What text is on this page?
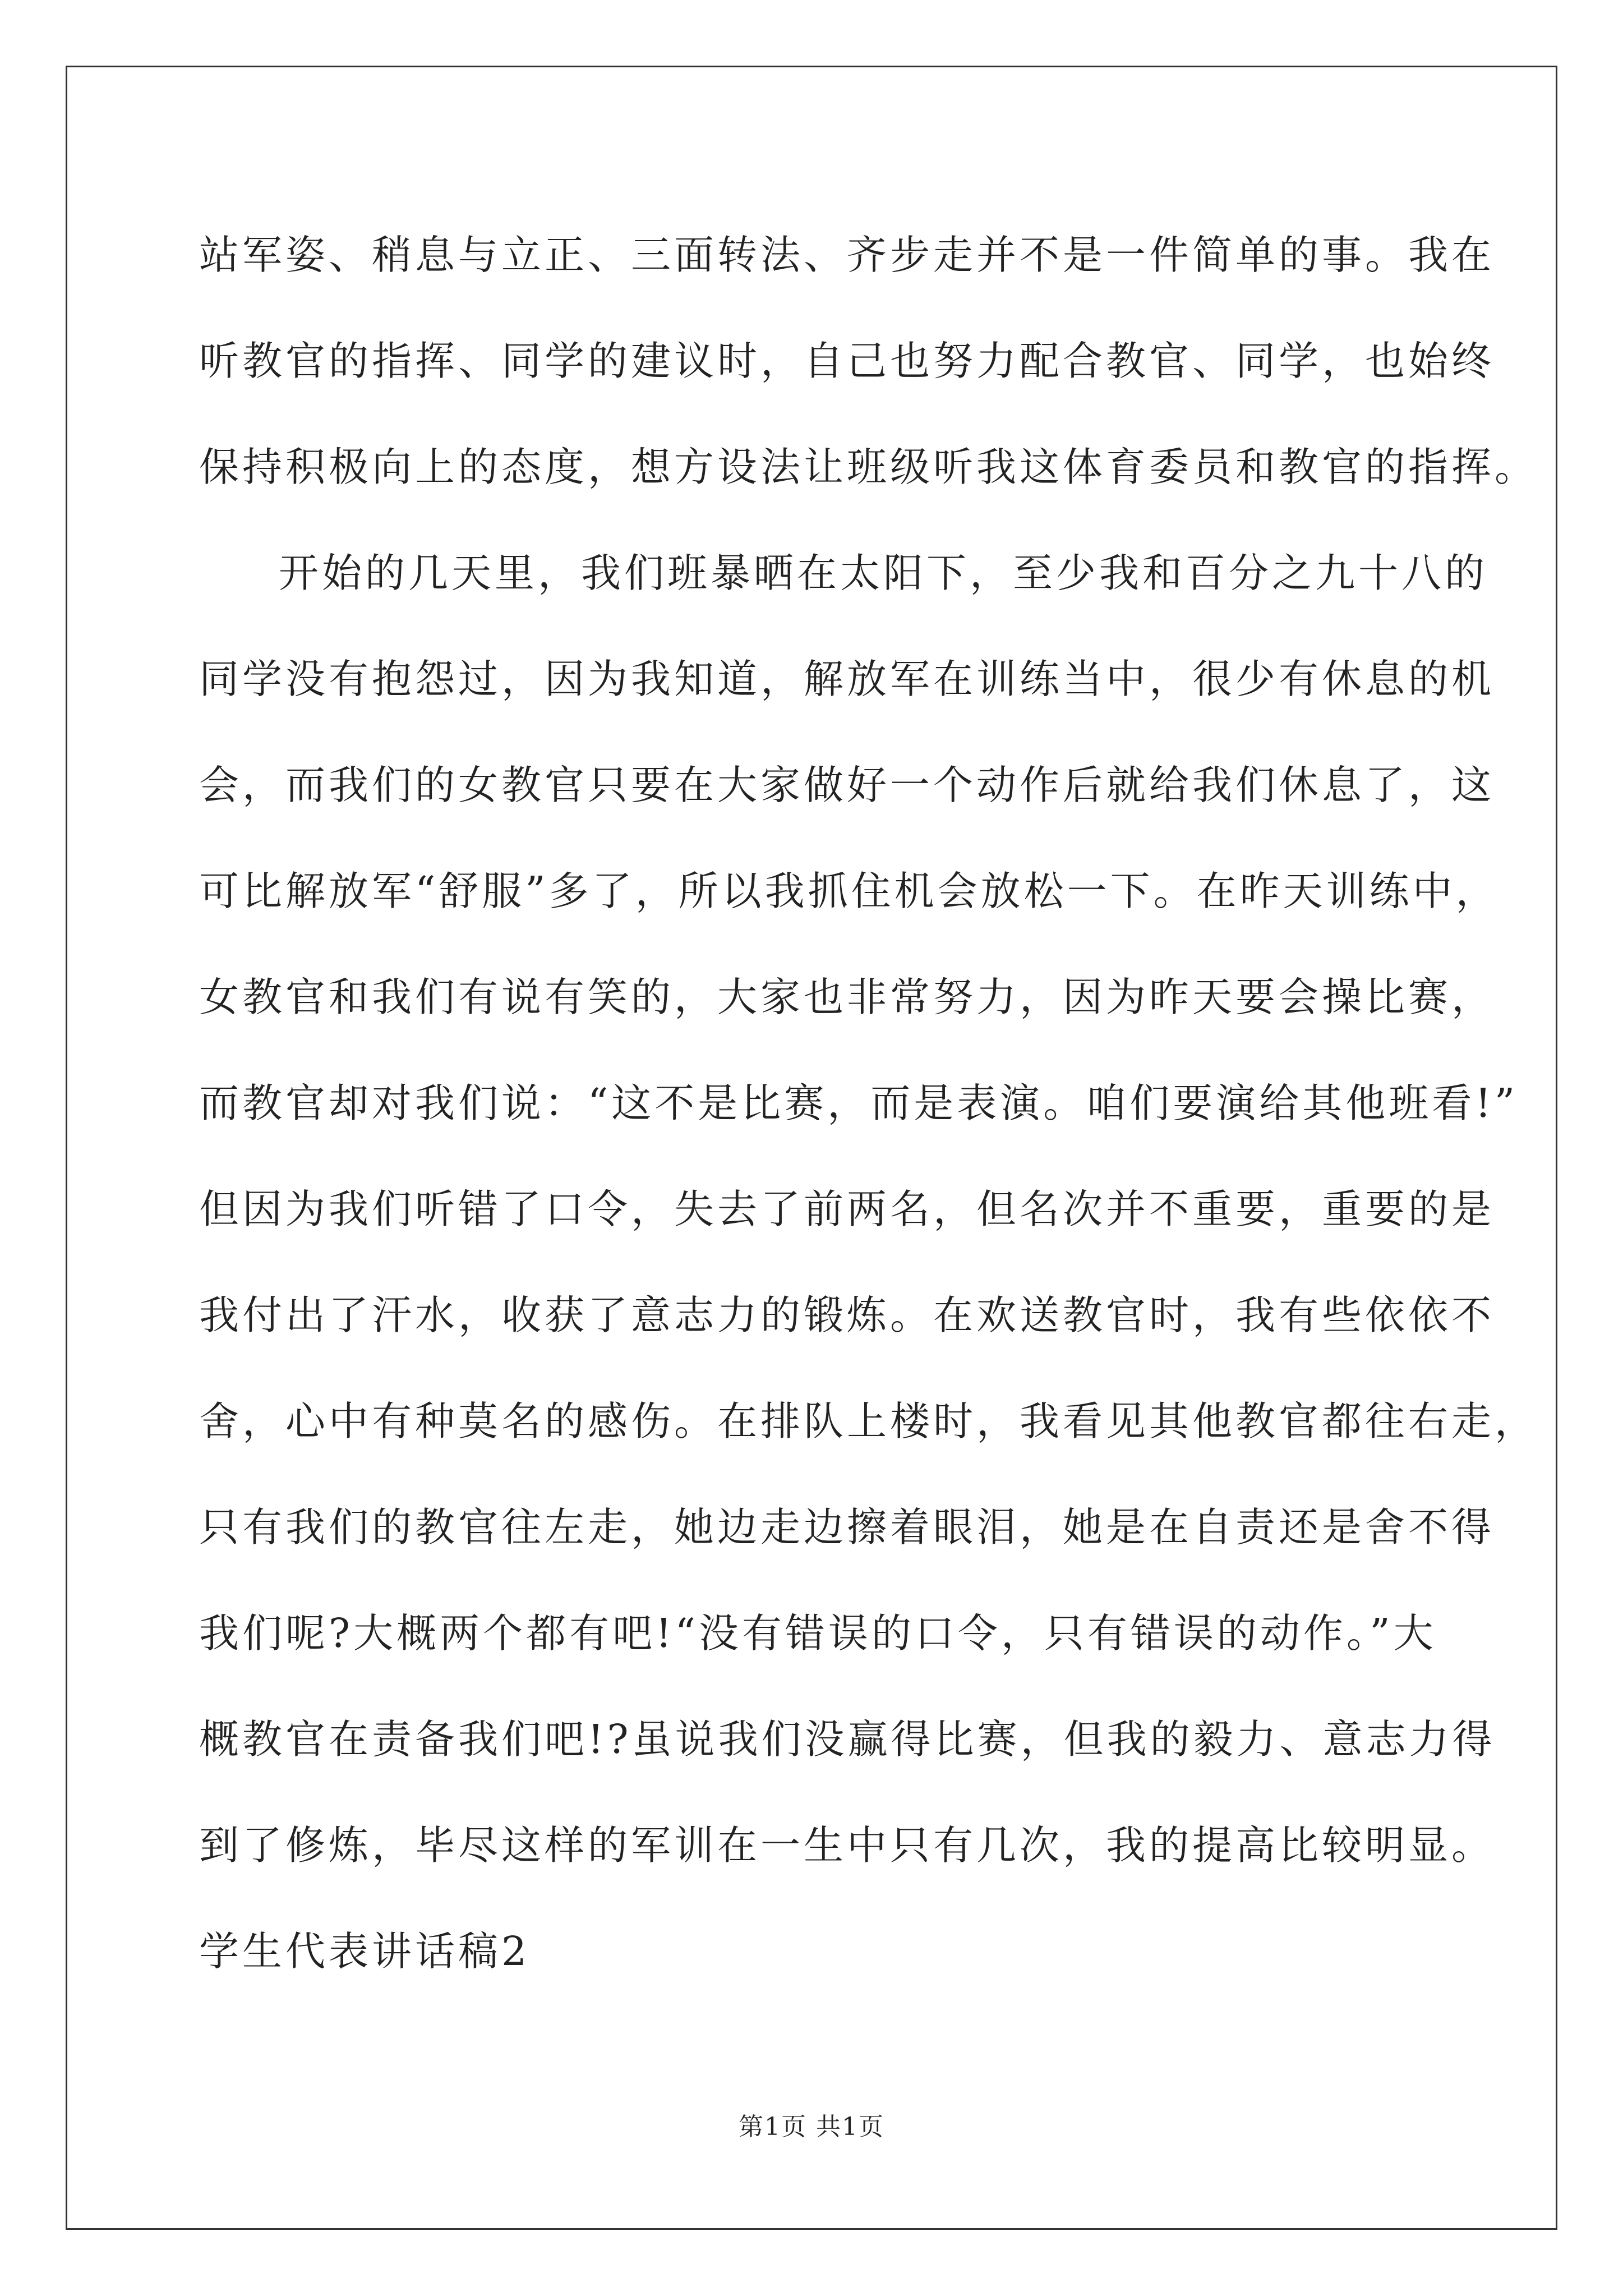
站军姿、稍息与立正、三面转法、齐步走并不是一件简单的事。我在
听教官的指挥、同学的建议时，自己也努力配合教官、同学，也始终
保持积极向上的态度，想方设法让班级听我这体育委员和教官的指挥。
开始的几天里，我们班暴晒在太阳下，至少我和百分之九十八的
同学没有抱怨过，因为我知道，解放军在训练当中，很少有休息的机
会，而我们的女教官只要在大家做好一个动作后就给我们休息了，这
可比解放军“舒服”多了，所以我抓住机会放松一下。在昨天训练中，
女教官和我们有说有笑的，大家也非常努力，因为昨天要会操比赛，
而教官却对我们说：“这不是比赛，而是表演。咱们要演给其他班看!”
但因为我们听错了口令，失去了前两名，但名次并不重要，重要的是
我付出了汗水，收获了意志力的锻炼。在欢送教官时，我有些依依不
舍，心中有种莫名的感伤。在排队上楼时，我看见其他教官都往右走，
只有我们的教官往左走，她边走边擦着眼泪，她是在自责还是舍不得
我们呢?大概两个都有吧!“没有错误的口令，只有错误的动作。”大
概教官在责备我们吧!?虽说我们没赢得比赛，但我的毅力、意志力得
到了修炼，毕尽这样的军训在一生中只有几次，我的提高比较明显。
学生代表讲话稿2
第1页 共1页
